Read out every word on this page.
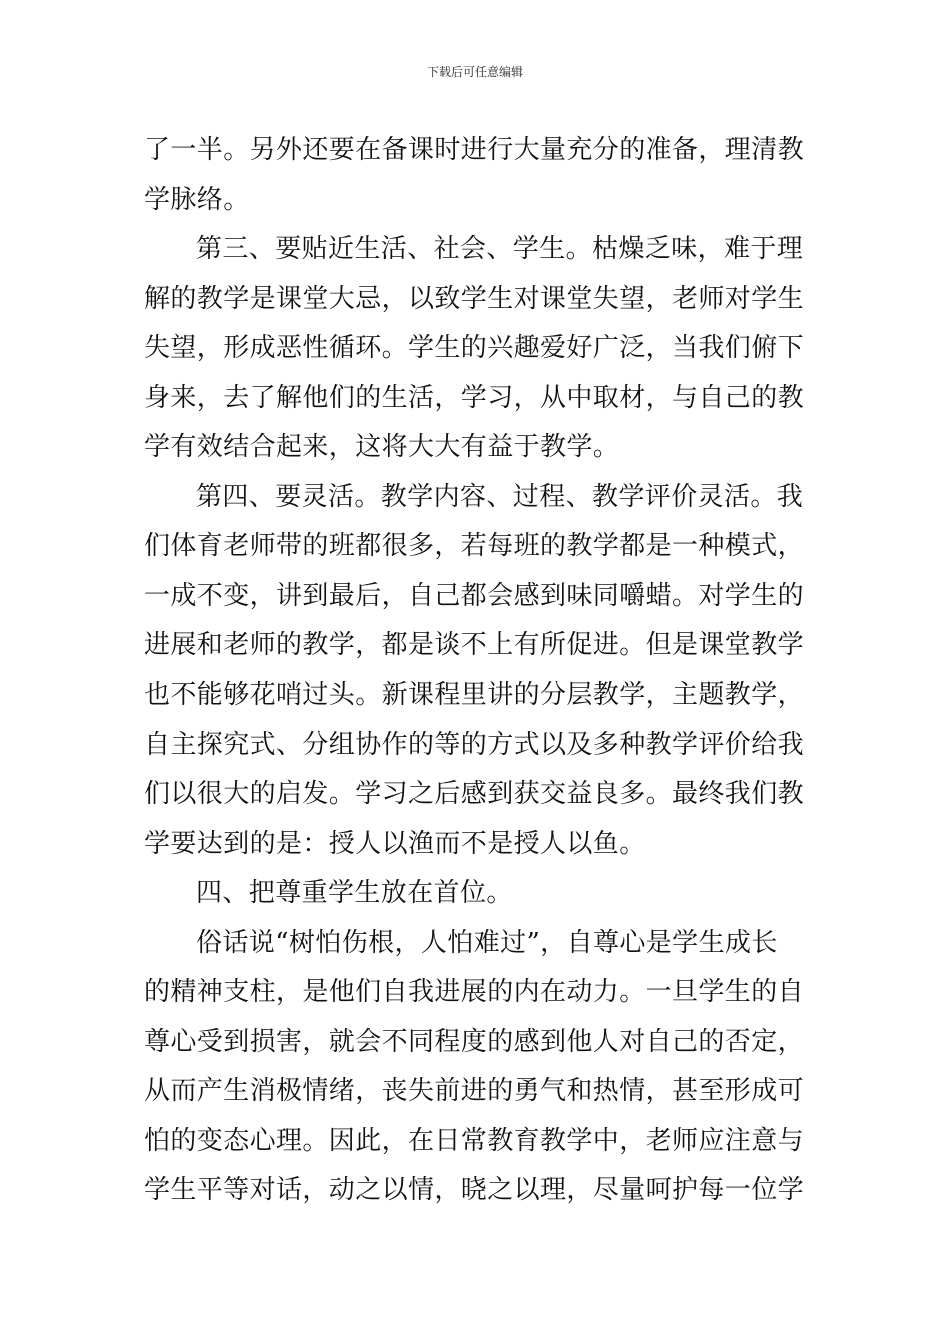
下载后可任意编辑
了一半。另外还要在备课时进行大量充分的准备，理清教
学脉络。
第三、要贴近生活、社会、学生。枯燥乏味，难于理
解的教学是课堂大忌，以致学生对课堂失望，老师对学生
失望，形成恶性循环。学生的兴趣爱好广泛，当我们俯下
身来，去了解他们的生活，学习，从中取材，与自己的教
学有效结合起来，这将大大有益于教学。
第四、要灵活。教学内容、过程、教学评价灵活。我
们体育老师带的班都很多，若每班的教学都是一种模式，
一成不变，讲到最后，自己都会感到味同嚼蜡。对学生的
进展和老师的教学，都是谈不上有所促进。但是课堂教学
也不能够花哨过头。新课程里讲的分层教学，主题教学，
自主探究式、分组协作的等的方式以及多种教学评价给我
们以很大的启发。学习之后感到获交益良多。最终我们教
学要达到的是：授人以渔而不是授人以鱼。
四、把尊重学生放在首位。
俗话说“树怕伤根，人怕难过”，自尊心是学生成长
的精神支柱，是他们自我进展的内在动力。一旦学生的自
尊心受到损害，就会不同程度的感到他人对自己的否定，
从而产生消极情绪，丧失前进的勇气和热情，甚至形成可
怕的变态心理。因此，在日常教育教学中，老师应注意与
学生平等对话，动之以情，晓之以理，尽量呵护每一位学
